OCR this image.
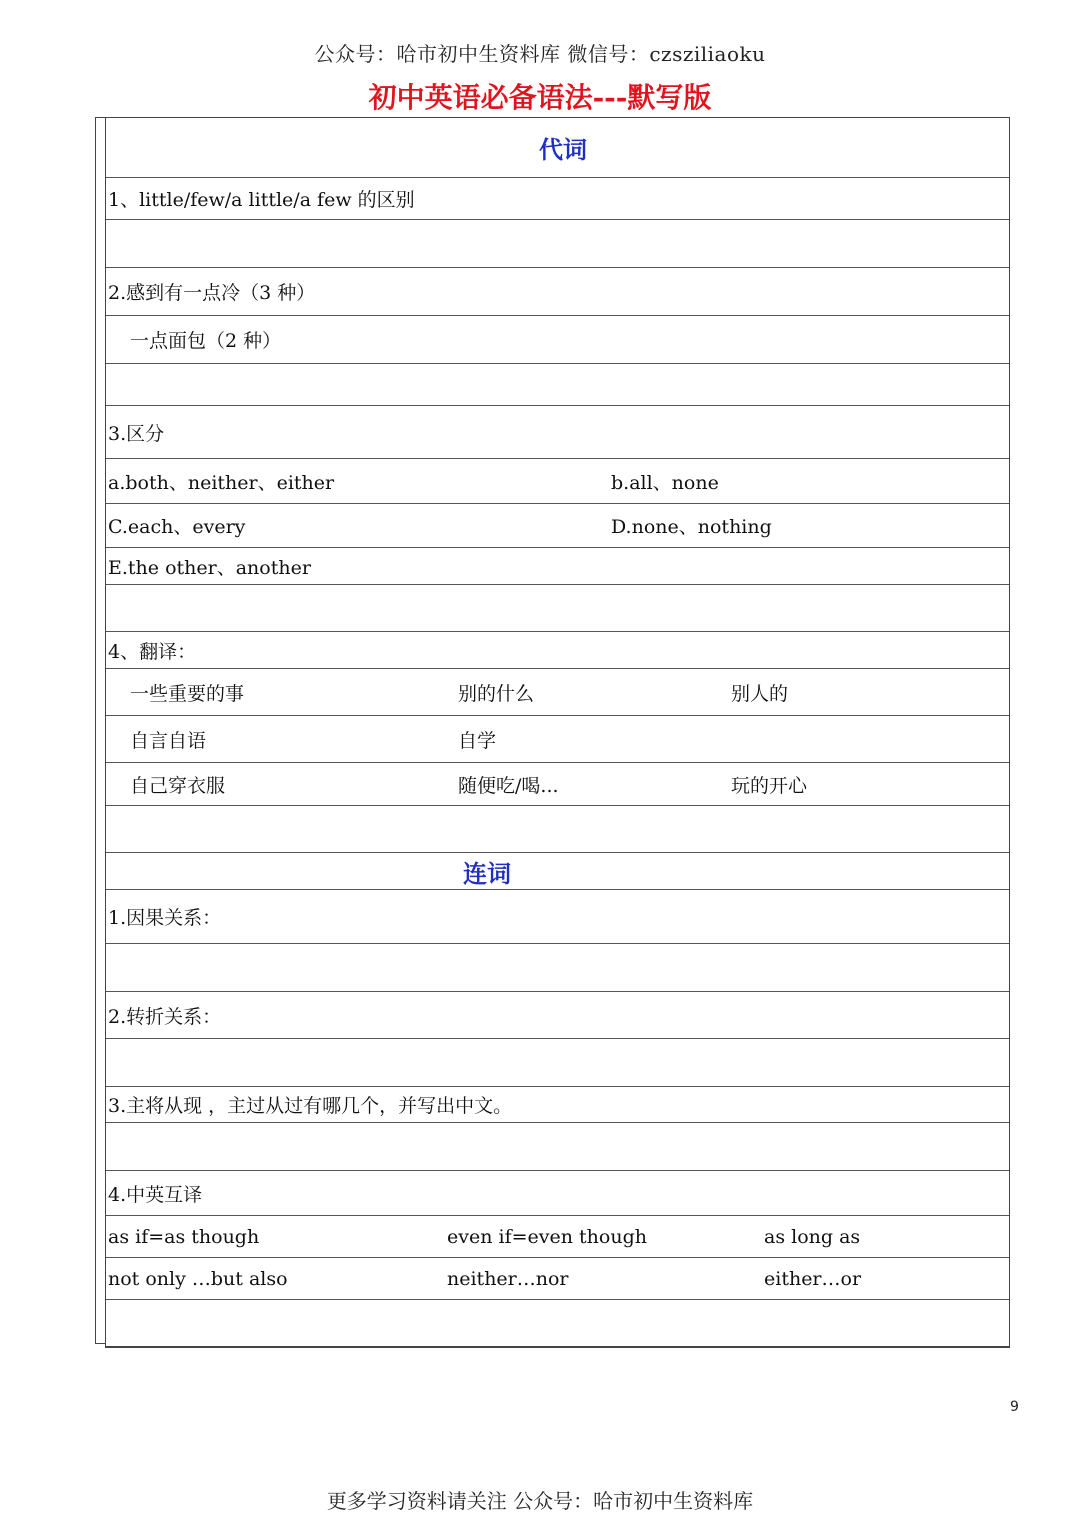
公众号：哈市初中生资料库 微信号：czsziliaoku
初中英语必备语法---默写版
代词
1、little/few/a little/a few 的区别
2.感到有一点冷（3 种）
一点面包（2 种）
3.区分
a.both、neither、either	b.all、none
C.each、every	D.none、nothing
E.the other、another
4、翻译：
一些重要的事	别的什么	别人的
自言自语	自学
自己穿衣服	随便吃/喝...	玩的开心
连词
1.因果关系：
2.转折关系：
3.主将从现 ，主过从过有哪几个，并写出中文。
4.中英互译
as if=as though	even if=even though	as long as
not only …but also	neither…nor	either…or
9
更多学习资料请关注 公众号：哈市初中生资料库
